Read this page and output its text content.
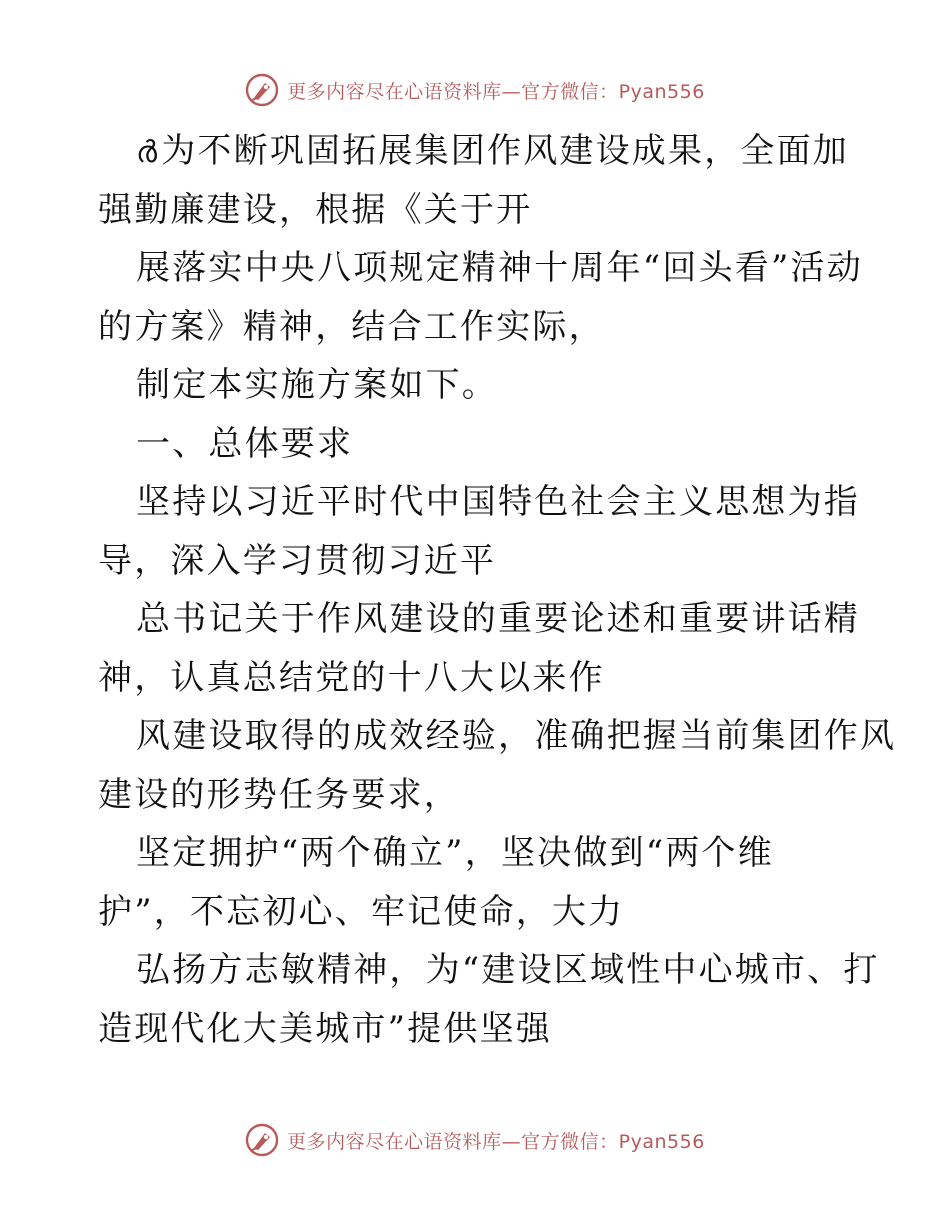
更多内容尽在心语资料库—官方微信：Pyan556
ർ为不断巩固拓展集团作风建设成果，全面加
强勤廉建设，根据《关于开
展落实中央八项规定精神十周年“回头看”活动
的方案》精神，结合工作实际，
制定本实施方案如下。
一、总体要求
坚持以习近平时代中国特色社会主义思想为指
导，深入学习贯彻习近平
总书记关于作风建设的重要论述和重要讲话精
神，认真总结党的十八大以来作
风建设取得的成效经验，准确把握当前集团作风
建设的形势任务要求，
坚定拥护“两个确立”，坚决做到“两个维
护”，不忘初心、牢记使命，大力
弘扬方志敏精神，为“建设区域性中心城市、打
造现代化大美城市”提供坚强
更多内容尽在心语资料库—官方微信：Pyan556
